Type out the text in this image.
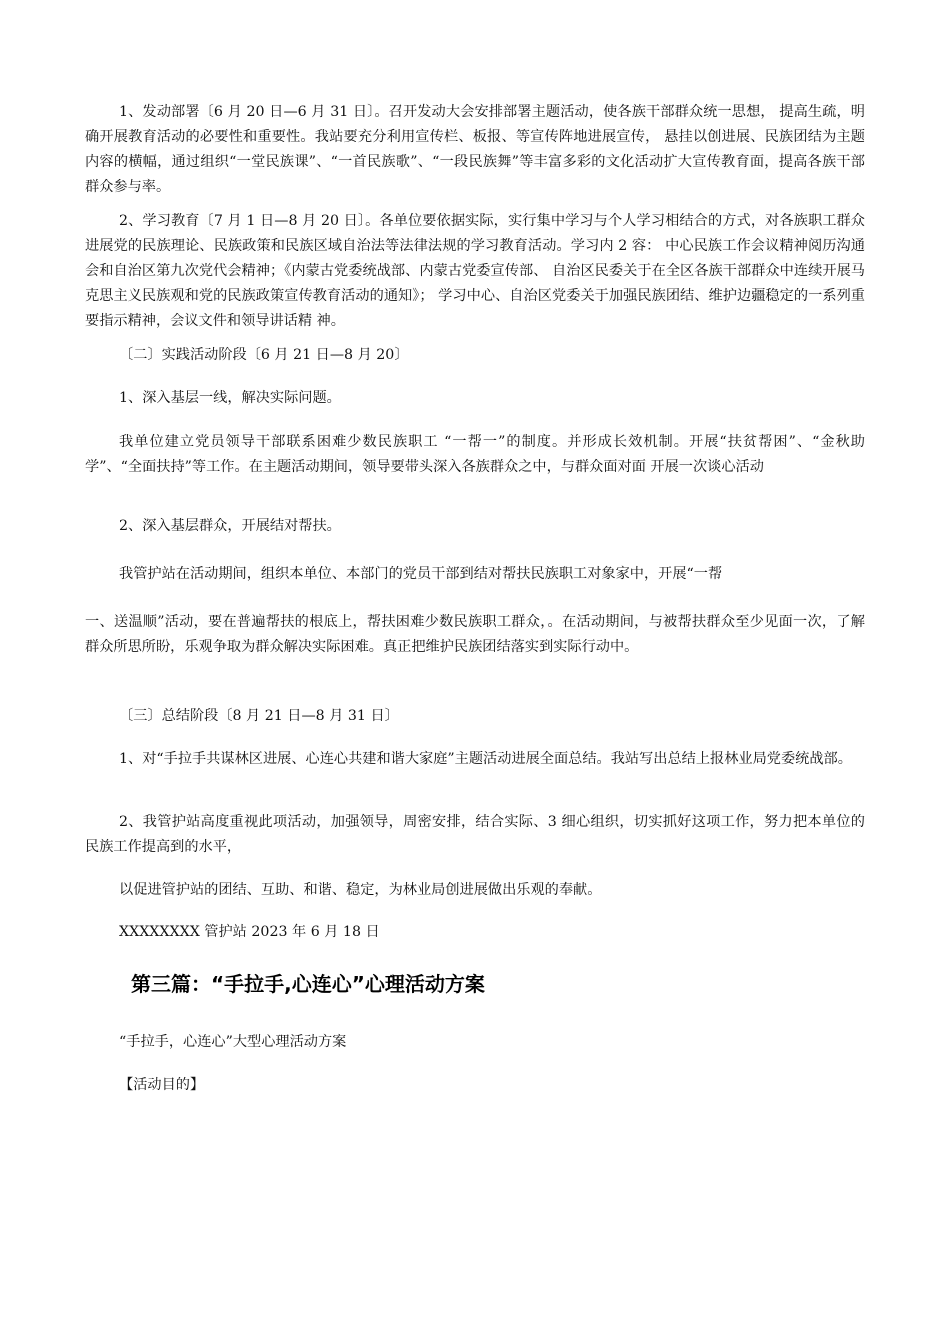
1、发动部署〔6 月 20 日—6 月 31 日〕。召开发动大会安排部署主题活动，使各族干部群众统一思想， 提高生疏，明确开展教育活动的必要性和重要性。我站要充分利用宣传栏、板报、等宣传阵地进展宣传， 悬挂以创进展、民族团结为主题内容的横幅，通过组织“一堂民族课”、“一首民族歌”、“一段民族舞”等丰富多彩的文化活动扩大宣传教育面，提高各族干部群众参与率。

2、学习教育〔7 月 1 日—8 月 20 日〕。各单位要依据实际，实行集中学习与个人学习相结合的方式，对各族职工群众进展党的民族理论、民族政策和民族区域自治法等法律法规的学习教育活动。学习内 2 容： 中心民族工作会议精神阅历沟通会和自治区第九次党代会精神；《内蒙古党委统战部、内蒙古党委宣传部、 自治区民委关于在全区各族干部群众中连续开展马克思主义民族观和党的民族政策宣传教育活动的通知》； 学习中心、自治区党委关于加强民族团结、维护边疆稳定的一系列重要指示精神，会议文件和领导讲话精 神。

〔二〕实践活动阶段〔6 月 21 日—8 月 20〕

1、深入基层一线，解决实际问题。

我单位建立党员领导干部联系困难少数民族职工 “一帮一”的制度。并形成长效机制。开展“扶贫帮困”、“金秋助学”、“全面扶持”等工作。在主题活动期间，领导要带头深入各族群众之中，与群众面对面 开展一次谈心活动

2、深入基层群众，开展结对帮扶。

我管护站在活动期间，组织本单位、本部门的党员干部到结对帮扶民族职工对象家中，开展“一帮

一、送温顺”活动，要在普遍帮扶的根底上，帮扶困难少数民族职工群众，。在活动期间，与被帮扶群众至少见面一次，了解群众所思所盼，乐观争取为群众解决实际困难。真正把维护民族团结落实到实际行动中。

〔三〕总结阶段〔8 月 21 日—8 月 31 日〕

1、对“手拉手共谋林区进展、心连心共建和谐大家庭”主题活动进展全面总结。我站写出总结上报林业局党委统战部。

2、我管护站高度重视此项活动，加强领导，周密安排，结合实际、3 细心组织，切实抓好这项工作，努力把本单位的民族工作提高到的水平，

以促进管护站的团结、互助、和谐、稳定，为林业局创进展做出乐观的奉献。

XXXXXXXX 管护站 2023 年 6 月 18 日

第三篇：“手拉手,心连心”心理活动方案

“手拉手，心连心”大型心理活动方案

【活动目的】
